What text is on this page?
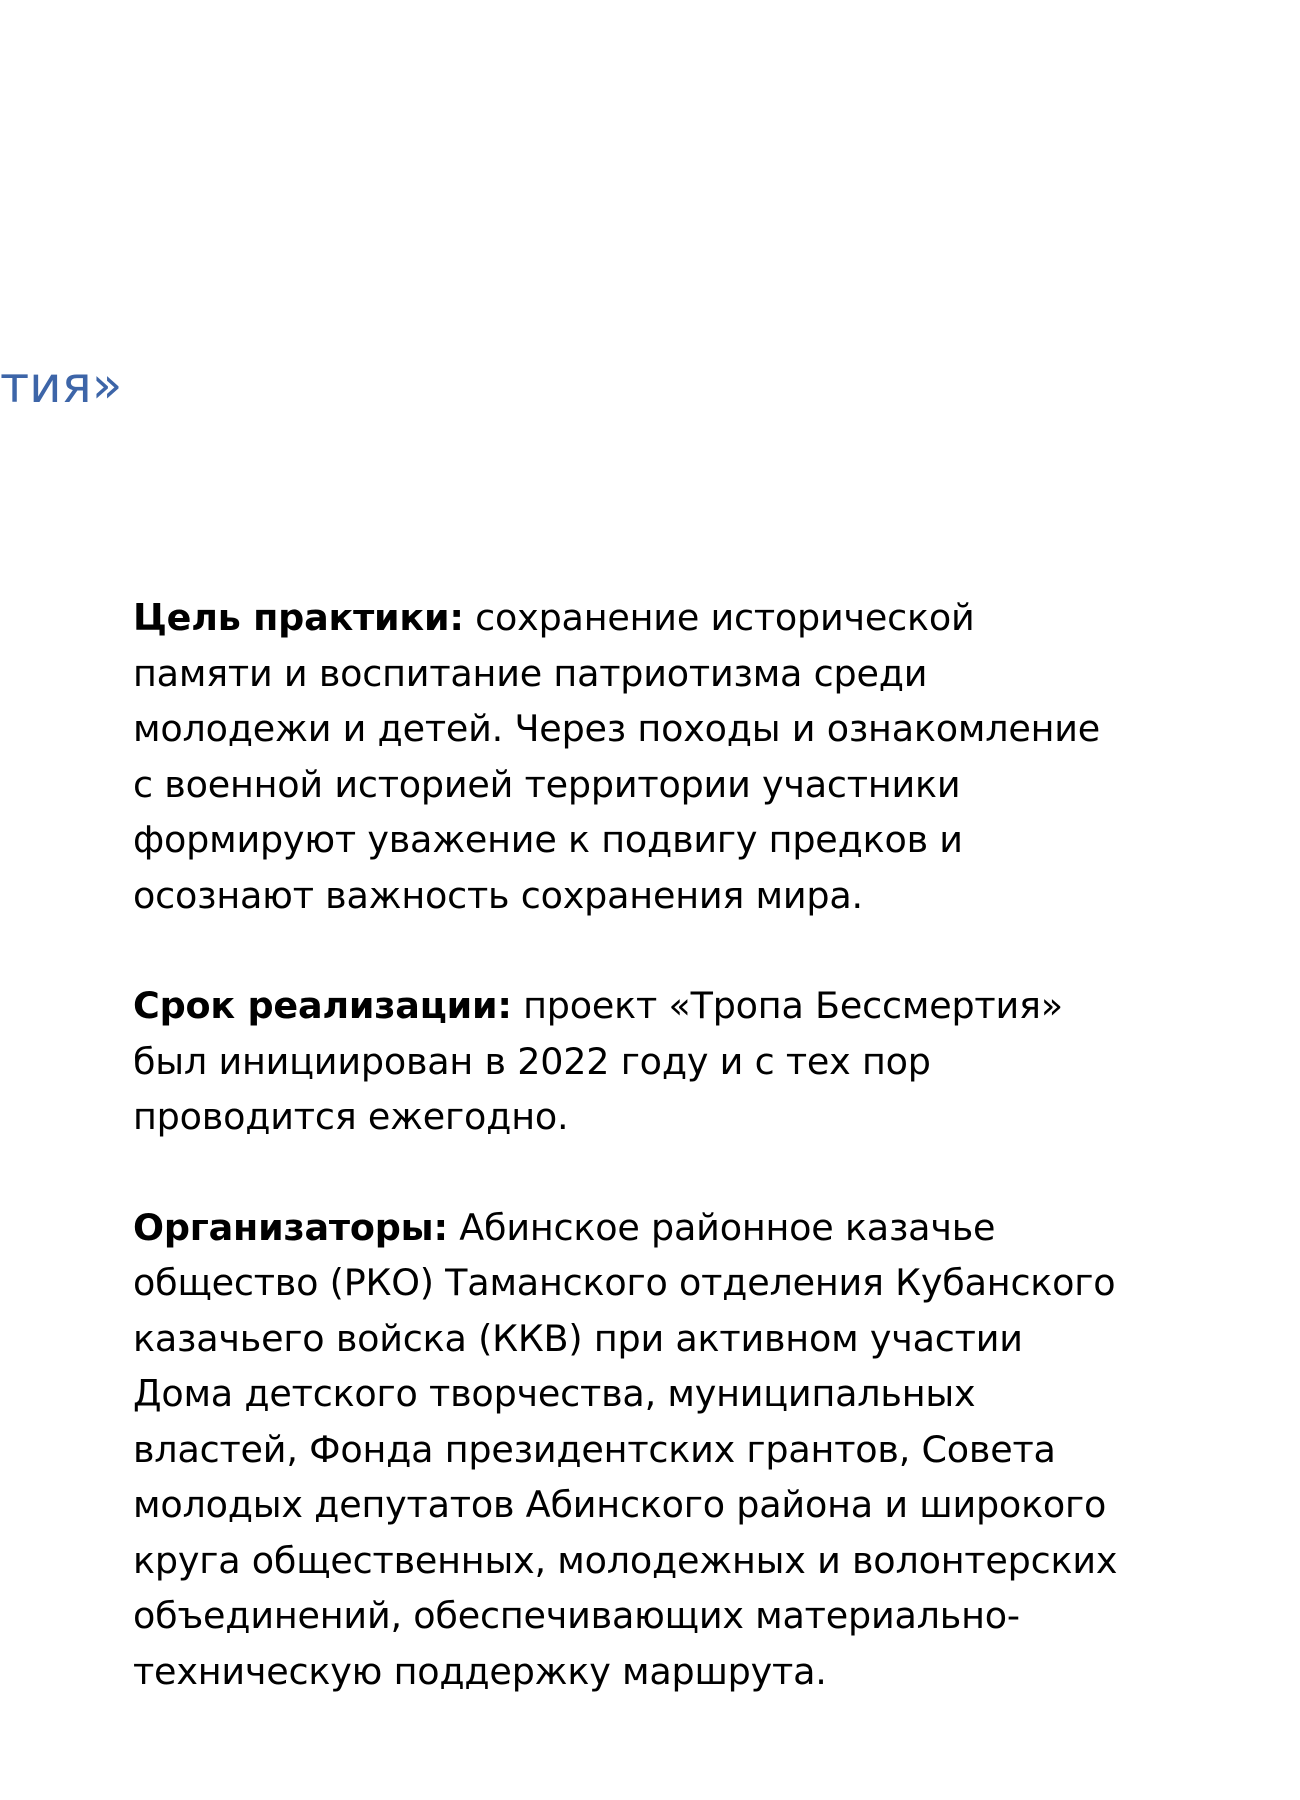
тия»

Цель практики: сохранение исторической
памяти и воспитание патриотизма среди
молодежи и детей. Через походы и ознакомление
с военной историей территории участники
формируют уважение к подвигу предков и
осознают важность сохранения мира.

Срок реализации: проект «Тропа Бессмертия»
был инициирован в 2022 году и с тех пор
проводится ежегодно.

Организаторы: Абинское районное казачье
общество (РКО) Таманского отделения Кубанского
казачьего войска (ККВ) при активном участии
Дома детского творчества, муниципальных
властей, Фонда президентских грантов, Совета
молодых депутатов Абинского района и широкого
круга общественных, молодежных и волонтерских
объединений, обеспечивающих материально-
техническую поддержку маршрута.
